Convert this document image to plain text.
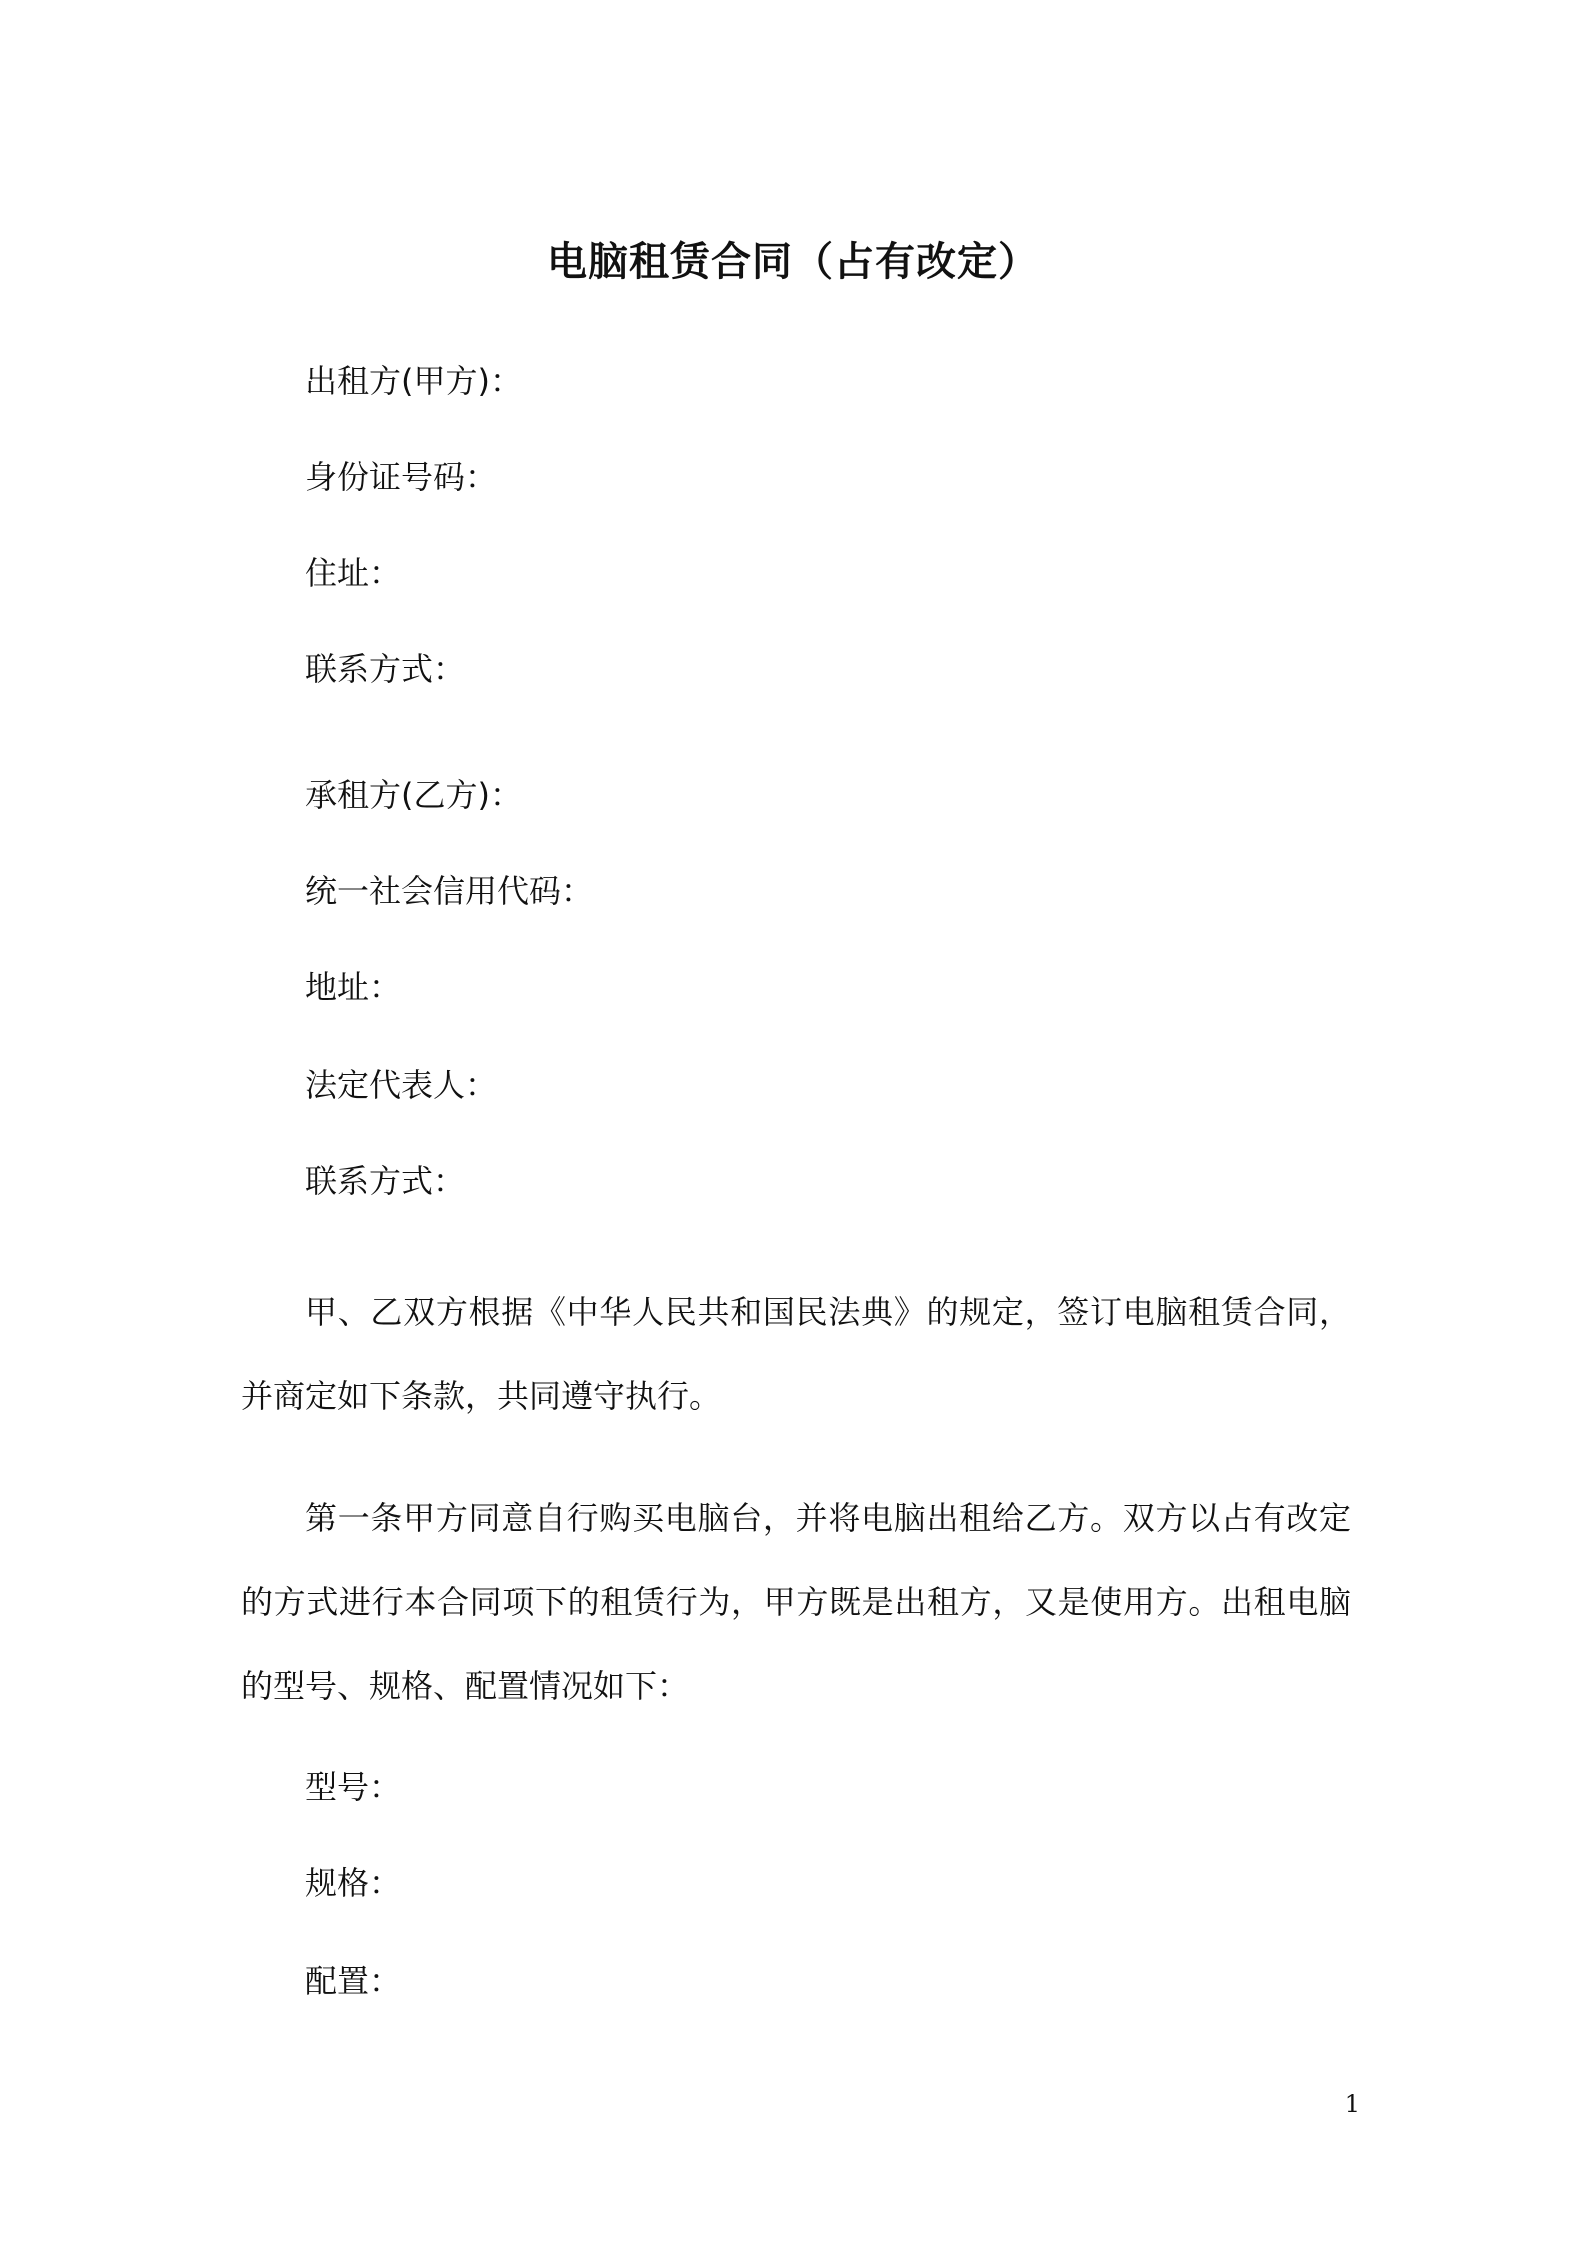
电脑租赁合同（占有改定）
出租方(甲方)：
身份证号码：
住址：
联系方式：
承租方(乙方)：
统一社会信用代码：
地址：
法定代表人：
联系方式：

甲、乙双方根据《中华人民共和国民法典》的规定，签订电脑租赁合同，并商定如下条款，共同遵守执行。

第一条甲方同意自行购买电脑台，并将电脑出租给乙方。双方以占有改定的方式进行本合同项下的租赁行为，甲方既是出租方，又是使用方。出租电脑的型号、规格、配置情况如下：

型号：
规格：
配置：
1
